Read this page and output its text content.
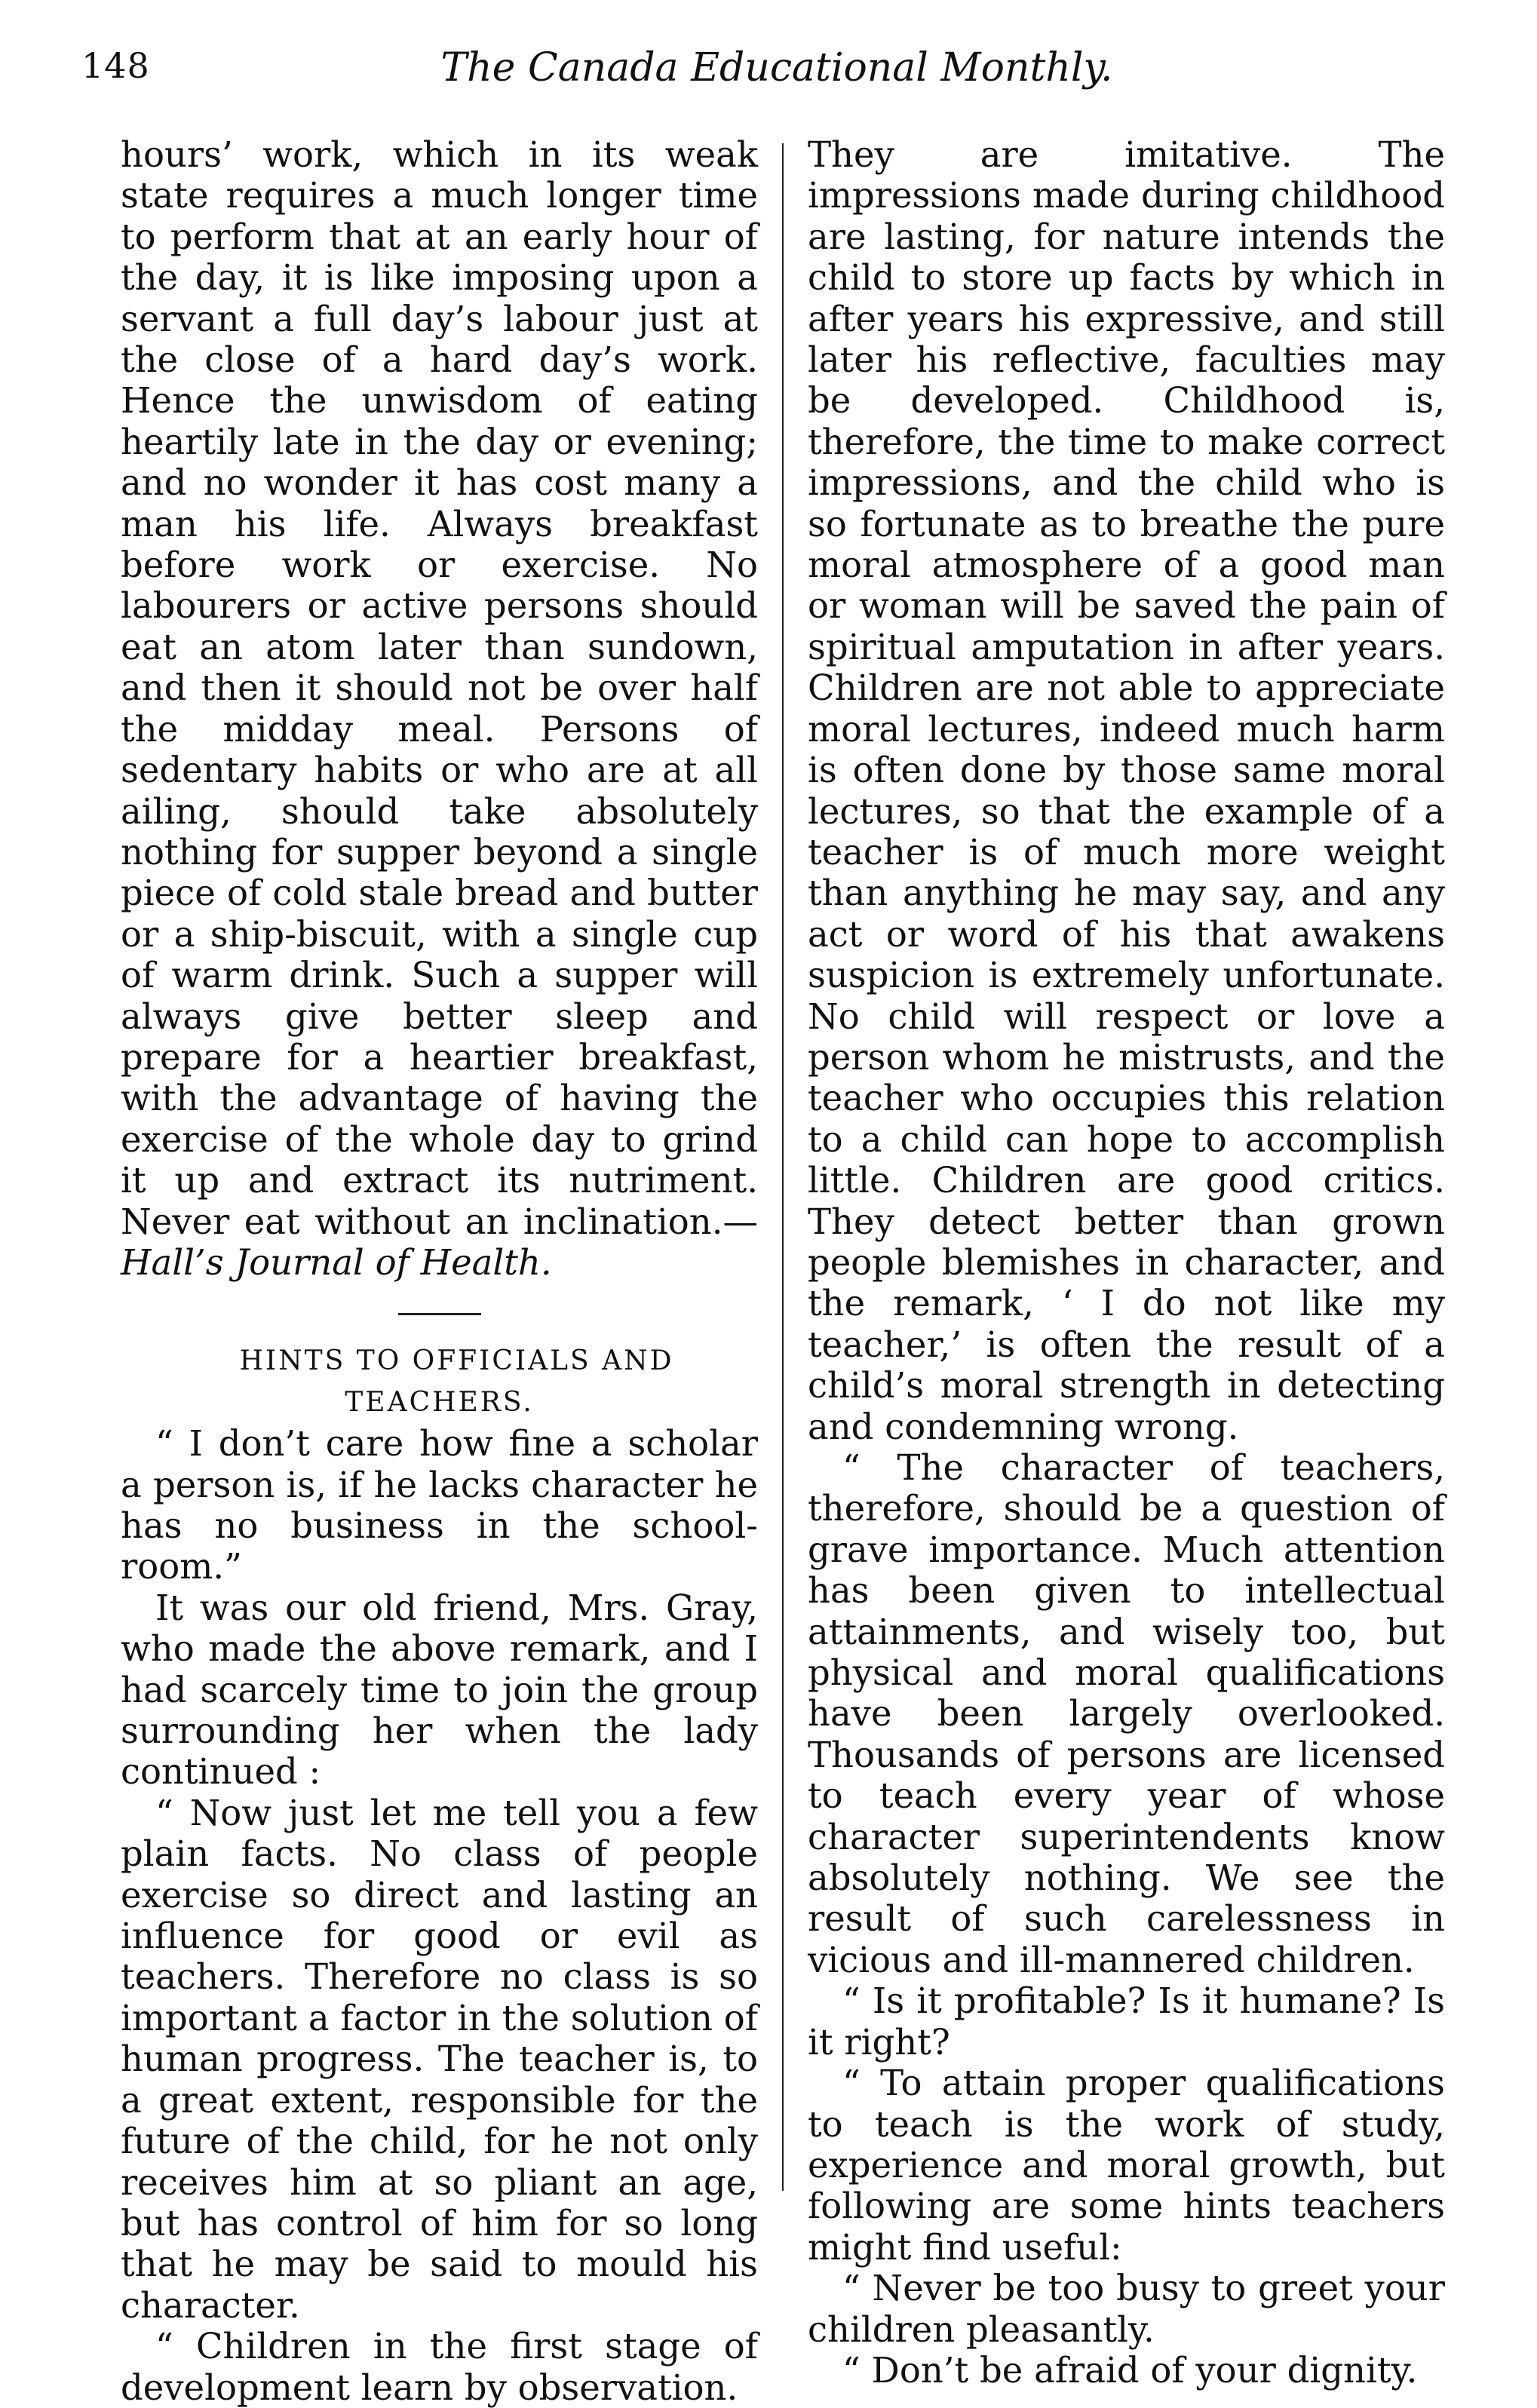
148	The Canada Educational Monthly.

hours’ work, which in its weak state requires a much longer time to perform that at an early hour of the day, it is like imposing upon a servant a full day’s labour just at the close of a hard day’s work. Hence the unwisdom of eating heartily late in the day or evening; and no wonder it has cost many a man his life. Always breakfast before work or exercise. No labourers or active persons should eat an atom later than sundown, and then it should not be over half the midday meal. Persons of sedentary habits or who are at all ailing, should take absolutely nothing for supper beyond a single piece of cold stale bread and butter or a ship-biscuit, with a single cup of warm drink. Such a supper will always give better sleep and prepare for a heartier breakfast, with the advantage of having the exercise of the whole day to grind it up and extract its nutriment. Never eat without an inclination.—Hall’s Journal of Health.

HINTS TO OFFICIALS AND TEACHERS.

“ I don’t care how fine a scholar a person is, if he lacks character he has no business in the school-room.”

It was our old friend, Mrs. Gray, who made the above remark, and I had scarcely time to join the group surrounding her when the lady continued :

“ Now just let me tell you a few plain facts. No class of people exercise so direct and lasting an influence for good or evil as teachers. Therefore no class is so important a factor in the solution of human progress. The teacher is, to a great extent, responsible for the future of the child, for he not only receives him at so pliant an age, but has control of him for so long that he may be said to mould his character.

“ Children in the first stage of development learn by observation.

They are imitative. The impressions made during childhood are lasting, for nature intends the child to store up facts by which in after years his expressive, and still later his reflective, faculties may be developed. Childhood is, therefore, the time to make correct impressions, and the child who is so fortunate as to breathe the pure moral atmosphere of a good man or woman will be saved the pain of spiritual amputation in after years. Children are not able to appreciate moral lectures, indeed much harm is often done by those same moral lectures, so that the example of a teacher is of much more weight than anything he may say, and any act or word of his that awakens suspicion is extremely unfortunate. No child will respect or love a person whom he mistrusts, and the teacher who occupies this relation to a child can hope to accomplish little. Children are good critics. They detect better than grown people blemishes in character, and the remark, ‘ I do not like my teacher,’ is often the result of a child’s moral strength in detecting and condemning wrong.

“ The character of teachers, therefore, should be a question of grave importance. Much attention has been given to intellectual attainments, and wisely too, but physical and moral qualifications have been largely overlooked. Thousands of persons are licensed to teach every year of whose character superintendents know absolutely nothing. We see the result of such carelessness in vicious and ill-mannered children.

“ Is it profitable? Is it humane? Is it right?

“ To attain proper qualifications to teach is the work of study, experience and moral growth, but following are some hints teachers might find useful:

“ Never be too busy to greet your children pleasantly.

“ Don’t be afraid of your dignity.
